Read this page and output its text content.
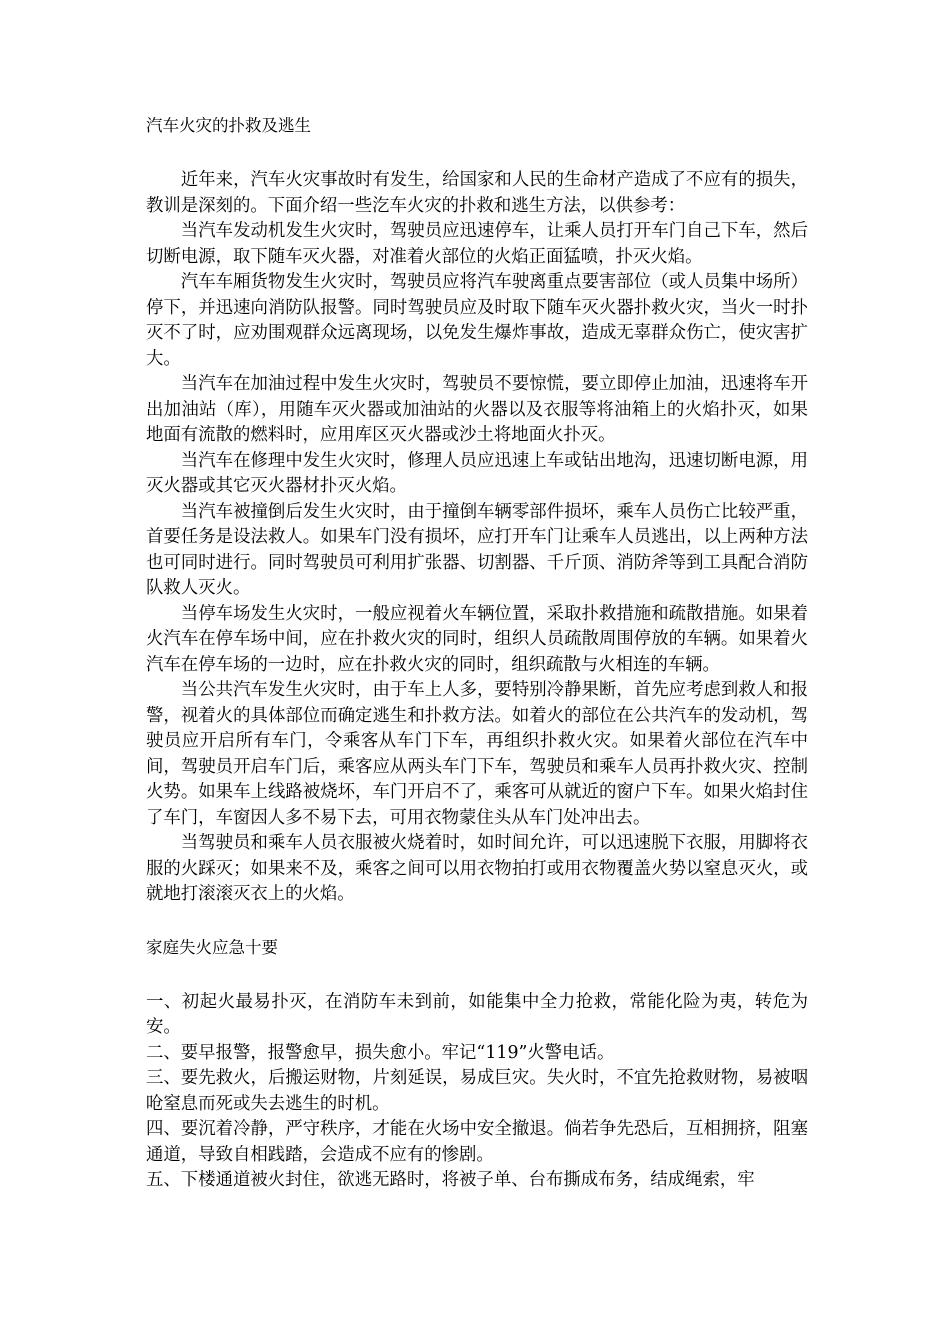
汽车火灾的扑救及逃生

近年来，汽车火灾事故时有发生，给国家和人民的生命材产造成了不应有的损失，教训是深刻的。下面介绍一些汔车火灾的扑救和逃生方法，以供参考：

当汽车发动机发生火灾时，驾驶员应迅速停车，让乘人员打开车门自己下车，然后切断电源，取下随车灭火器，对准着火部位的火焰正面猛喷，扑灭火焰。

汽车车厢货物发生火灾时，驾驶员应将汽车驶离重点要害部位（或人员集中场所）停下，并迅速向消防队报警。同时驾驶员应及时取下随车灭火器扑救火灾，当火一时扑灭不了时，应劝围观群众远离现场，以免发生爆炸事故，造成无辜群众伤亡，使灾害扩大。

当汽车在加油过程中发生火灾时，驾驶员不要惊慌，要立即停止加油，迅速将车开出加油站（库），用随车灭火器或加油站的火器以及衣服等将油箱上的火焰扑灭，如果地面有流散的燃料时，应用库区灭火器或沙土将地面火扑灭。

当汽车在修理中发生火灾时，修理人员应迅速上车或钻出地沟，迅速切断电源，用灭火器或其它灭火器材扑灭火焰。

当汽车被撞倒后发生火灾时，由于撞倒车辆零部件损坏，乘车人员伤亡比较严重，首要任务是设法救人。如果车门没有损坏，应打开车门让乘车人员逃出，以上两种方法也可同时进行。同时驾驶员可利用扩张器、切割器、千斤顶、消防斧等到工具配合消防队救人灭火。

当停车场发生火灾时，一般应视着火车辆位置，采取扑救措施和疏散措施。如果着火汽车在停车场中间，应在扑救火灾的同时，组织人员疏散周围停放的车辆。如果着火汽车在停车场的一边时，应在扑救火灾的同时，组织疏散与火相连的车辆。

当公共汽车发生火灾时，由于车上人多，要特别冷静果断，首先应考虑到救人和报警，视着火的具体部位而确定逃生和扑救方法。如着火的部位在公共汽车的发动机，驾驶员应开启所有车门，令乘客从车门下车，再组织扑救火灾。如果着火部位在汽车中间，驾驶员开启车门后，乘客应从两头车门下车，驾驶员和乘车人员再扑救火灾、控制火势。如果车上线路被烧坏，车门开启不了，乘客可从就近的窗户下车。如果火焰封住了车门，车窗因人多不易下去，可用衣物蒙住头从车门处冲出去。

当驾驶员和乘车人员衣服被火烧着时，如时间允许，可以迅速脱下衣服，用脚将衣服的火踩灭；如果来不及，乘客之间可以用衣物拍打或用衣物覆盖火势以窒息灭火，或就地打滚滚灭衣上的火焰。

家庭失火应急十要

一、初起火最易扑灭，在消防车未到前，如能集中全力抢救，常能化险为夷，转危为安。

二、要早报警，报警愈早，损失愈小。牢记“119”火警电话。

三、要先救火，后搬运财物，片刻延误，易成巨灾。失火时，不宜先抢救财物，易被咽呛窒息而死或失去逃生的时机。

四、要沉着冷静，严守秩序，才能在火场中安全撤退。倘若争先恐后，互相拥挤，阻塞通道，导致自相践踏，会造成不应有的惨剧。

五、下楼通道被火封住，欲逃无路时，将被子单、台布撕成布务，结成绳索，牢
